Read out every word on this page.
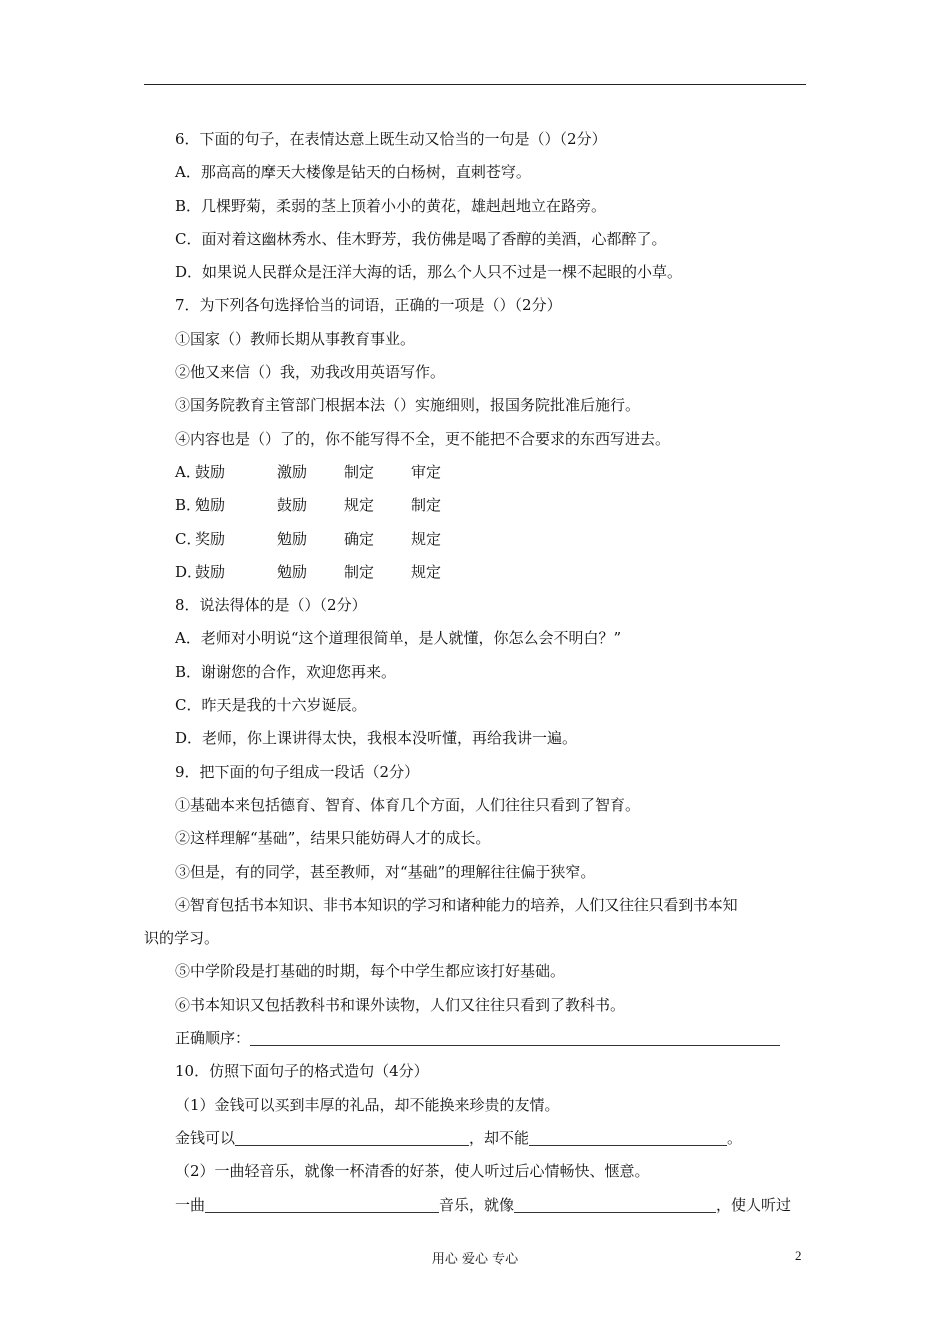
6．下面的句子，在表情达意上既生动又恰当的一句是（）（2分）
A．那高高的摩天大楼像是钻天的白杨树，直刺苍穹。
B．几棵野菊，柔弱的茎上顶着小小的黄花，雄赳赳地立在路旁。
C．面对着这幽林秀水、佳木野芳，我仿佛是喝了香醇的美酒，心都醉了。
D．如果说人民群众是汪洋大海的话，那么个人只不过是一棵不起眼的小草。
7．为下列各句选择恰当的词语，正确的一项是（）（2分）
①国家（）教师长期从事教育事业。
②他又来信（）我，劝我改用英语写作。
③国务院教育主管部门根据本法（）实施细则，报国务院批准后施行。
④内容也是（）了的，你不能写得不全，更不能把不合要求的东西写进去。
A．鼓励	激励 制定 审定
B．勉励	鼓励 规定 制定
C．奖励	勉励 确定 规定
D．鼓励	勉励 制定 规定
8．说法得体的是（）（2分）
A．老师对小明说“这个道理很简单，是人就懂，你怎么会不明白？”
B．谢谢您的合作，欢迎您再来。
C．昨天是我的十六岁诞辰。
D．老师，你上课讲得太快，我根本没听懂，再给我讲一遍。
9．把下面的句子组成一段话（2分）
①基础本来包括德育、智育、体育几个方面，人们往往只看到了智育。
②这样理解“基础”，结果只能妨碍人才的成长。
③但是，有的同学，甚至教师，对“基础”的理解往往偏于狭窄。
④智育包括书本知识、非书本知识的学习和诸种能力的培养，人们又往往只看到书本知
识的学习。
⑤中学阶段是打基础的时期，每个中学生都应该打好基础。
⑥书本知识又包括教科书和课外读物，人们又往往只看到了教科书。
正确顺序：
10．仿照下面句子的格式造句（4分）
（1）金钱可以买到丰厚的礼品，却不能换来珍贵的友情。
金钱可以	，却不能	。
（2）一曲轻音乐，就像一杯清香的好茶，使人听过后心情畅快、惬意。
一曲	音乐，就像	，使人听过
用心 爱心 专心	2
